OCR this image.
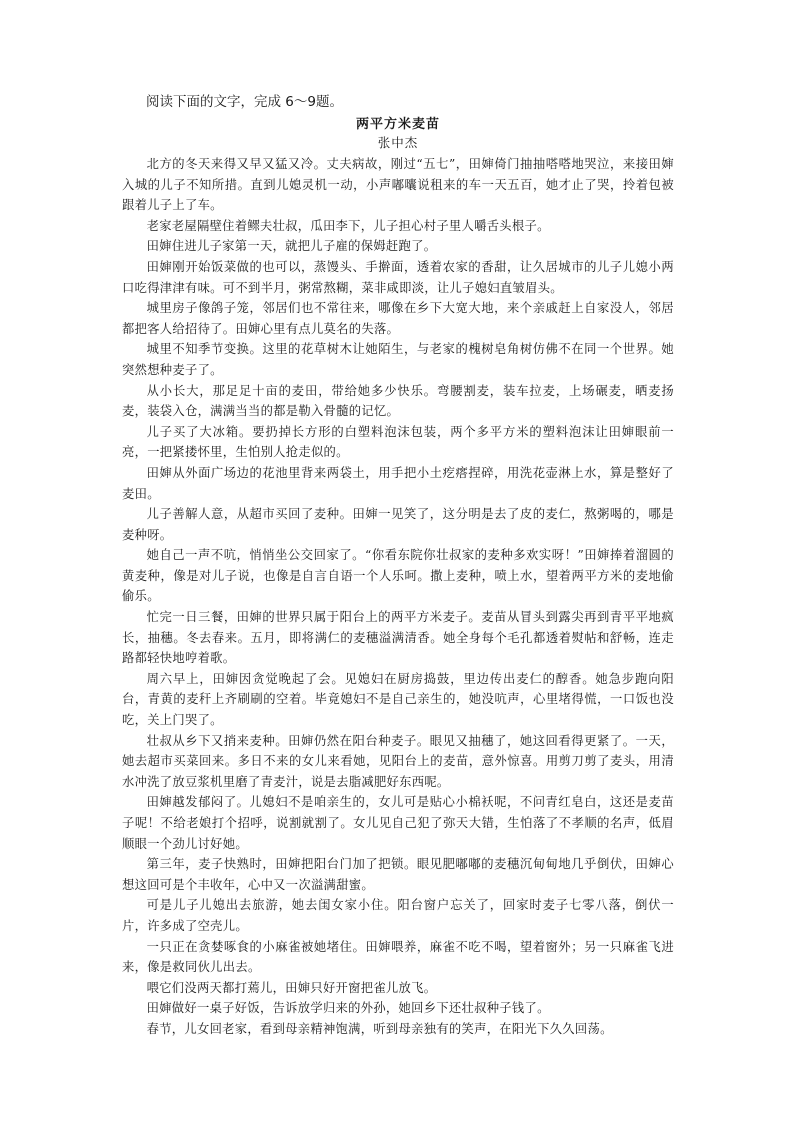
阅读下面的文字，完成 6～9题。

两平方米麦苗

张中杰

北方的冬天来得又早又猛又冷。丈夫病故，刚过“五七”，田婶倚门抽抽嗒嗒地哭泣，来接田婶入城的儿子不知所措。直到儿媳灵机一动，小声嘟囔说租来的车一天五百，她才止了哭，拎着包被跟着儿子上了车。

老家老屋隔壁住着鳏夫壮叔，瓜田李下，儿子担心村子里人嚼舌头根子。

田婶住进儿子家第一天，就把儿子雇的保姆赶跑了。

田婶刚开始饭菜做的也可以，蒸馒头、手擀面，透着农家的香甜，让久居城市的儿子儿媳小两口吃得津津有味。可不到半月，粥常熬糊，菜非咸即淡，让儿子媳妇直皱眉头。

城里房子像鸽子笼，邻居们也不常往来，哪像在乡下大宽大地，来个亲戚赶上自家没人，邻居都把客人给招待了。田婶心里有点儿莫名的失落。

城里不知季节变换。这里的花草树木让她陌生，与老家的槐树皂角树仿佛不在同一个世界。她突然想种麦子了。

从小长大，那足足十亩的麦田，带给她多少快乐。弯腰割麦，装车拉麦，上场碾麦，晒麦扬麦，装袋入仓，满满当当的都是勒入骨髓的记忆。

儿子买了大冰箱。要扔掉长方形的白塑料泡沫包装，两个多平方米的塑料泡沫让田婶眼前一亮，一把紧搂怀里，生怕别人抢走似的。

田婶从外面广场边的花池里背来两袋土，用手把小土疙瘩捏碎，用洗花壶淋上水，算是整好了麦田。

儿子善解人意，从超市买回了麦种。田婶一见笑了，这分明是去了皮的麦仁，熬粥喝的，哪是麦种呀。

她自己一声不吭，悄悄坐公交回家了。“你看东院你壮叔家的麦种多欢实呀！”田婶捧着溜圆的黄麦种，像是对儿子说，也像是自言自语一个人乐呵。撒上麦种，喷上水，望着两平方米的麦地偷偷乐。

忙完一日三餐，田婶的世界只属于阳台上的两平方米麦子。麦苗从冒头到露尖再到青平平地疯长，抽穗。冬去春来。五月，即将满仁的麦穗溢满清香。她全身每个毛孔都透着熨帖和舒畅，连走路都轻快地哼着歌。

周六早上，田婶因贪觉晚起了会。见媳妇在厨房捣鼓，里边传出麦仁的醇香。她急步跑向阳台，青黄的麦秆上齐刷刷的空着。毕竟媳妇不是自己亲生的，她没吭声，心里堵得慌，一口饭也没吃，关上门哭了。

壮叔从乡下又捎来麦种。田婶仍然在阳台种麦子。眼见又抽穗了，她这回看得更紧了。一天，她去超市买菜回来。多日不来的女儿来看她，见阳台上的麦苗，意外惊喜。用剪刀剪了麦头，用清水冲洗了放豆浆机里磨了青麦汁，说是去脂减肥好东西呢。

田婶越发郁闷了。儿媳妇不是咱亲生的，女儿可是贴心小棉袄呢，不问青红皂白，这还是麦苗子呢！不给老娘打个招呼，说割就割了。女儿见自己犯了弥天大错，生怕落了不孝顺的名声，低眉顺眼一个劲儿讨好她。

第三年，麦子快熟时，田婶把阳台门加了把锁。眼见肥嘟嘟的麦穗沉甸甸地几乎倒伏，田婶心想这回可是个丰收年，心中又一次溢满甜蜜。

可是儿子儿媳出去旅游，她去闺女家小住。阳台窗户忘关了，回家时麦子七零八落，倒伏一片，许多成了空壳儿。

一只正在贪婪啄食的小麻雀被她堵住。田婶喂养，麻雀不吃不喝，望着窗外；另一只麻雀飞进来，像是救同伙儿出去。

喂它们没两天都打蔫儿，田婶只好开窗把雀儿放飞。

田婶做好一桌子好饭，告诉放学归来的外孙，她回乡下还壮叔种子钱了。

春节，儿女回老家，看到母亲精神饱满，听到母亲独有的笑声，在阳光下久久回荡。
